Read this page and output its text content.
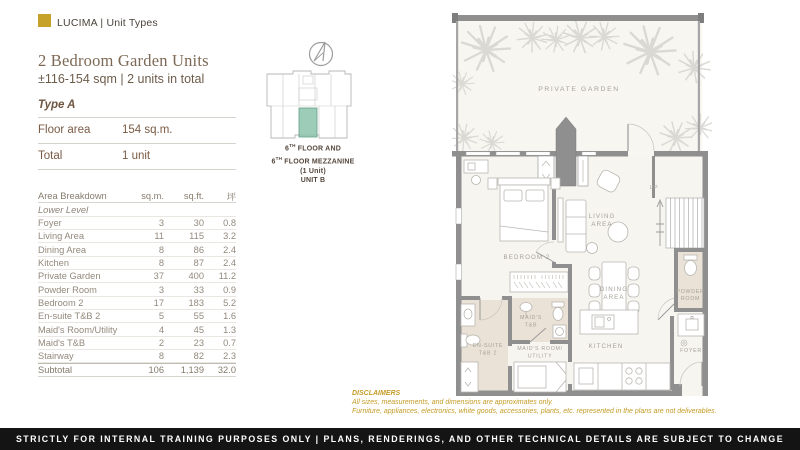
LUCIMA | Unit Types
2 Bedroom Garden Units
±116-154 sqm | 2 units in total
Type A
Floor area	154 sq.m.
Total	1 unit
Area Breakdown	sq.m.	sq.ft.	坪
Lower Level
Foyer	3	30	0.8
Living Area	11	115	3.2
Dining Area	8	86	2.4
Kitchen	8	87	2.4
Private Garden	37	400	11.2
Powder Room	3	33	0.9
Bedroom 2	17	183	5.2
En-suite T&B 2	5	55	1.6
Maid's Room/Utility	4	45	1.3
Maid's T&B	2	23	0.7
Stairway	8	82	2.3
Subtotal	106	1,139	32.0
6TH FLOOR AND
6TH FLOOR MEZZANINE
(1 Unit)
UNIT B
PRIVATE GARDEN
BEDROOM 2
LIVING
AREA
UP
POWDER
ROOM
FOYER
DINING
AREA
KITCHEN
EN-SUITE
T&B 2
MAID'S
T&B
MAID'S ROOM/
UTILITY
DISCLAIMERS
All sizes, measurements, and dimensions are approximates only.
Furniture, appliances, electronics, white goods, accessories, plants, etc. represented in the plans are not deliverables.
STRICTLY FOR INTERNAL TRAINING PURPOSES ONLY | PLANS, RENDERINGS, AND OTHER TECHNICAL DETAILS ARE SUBJECT TO CHANGE
